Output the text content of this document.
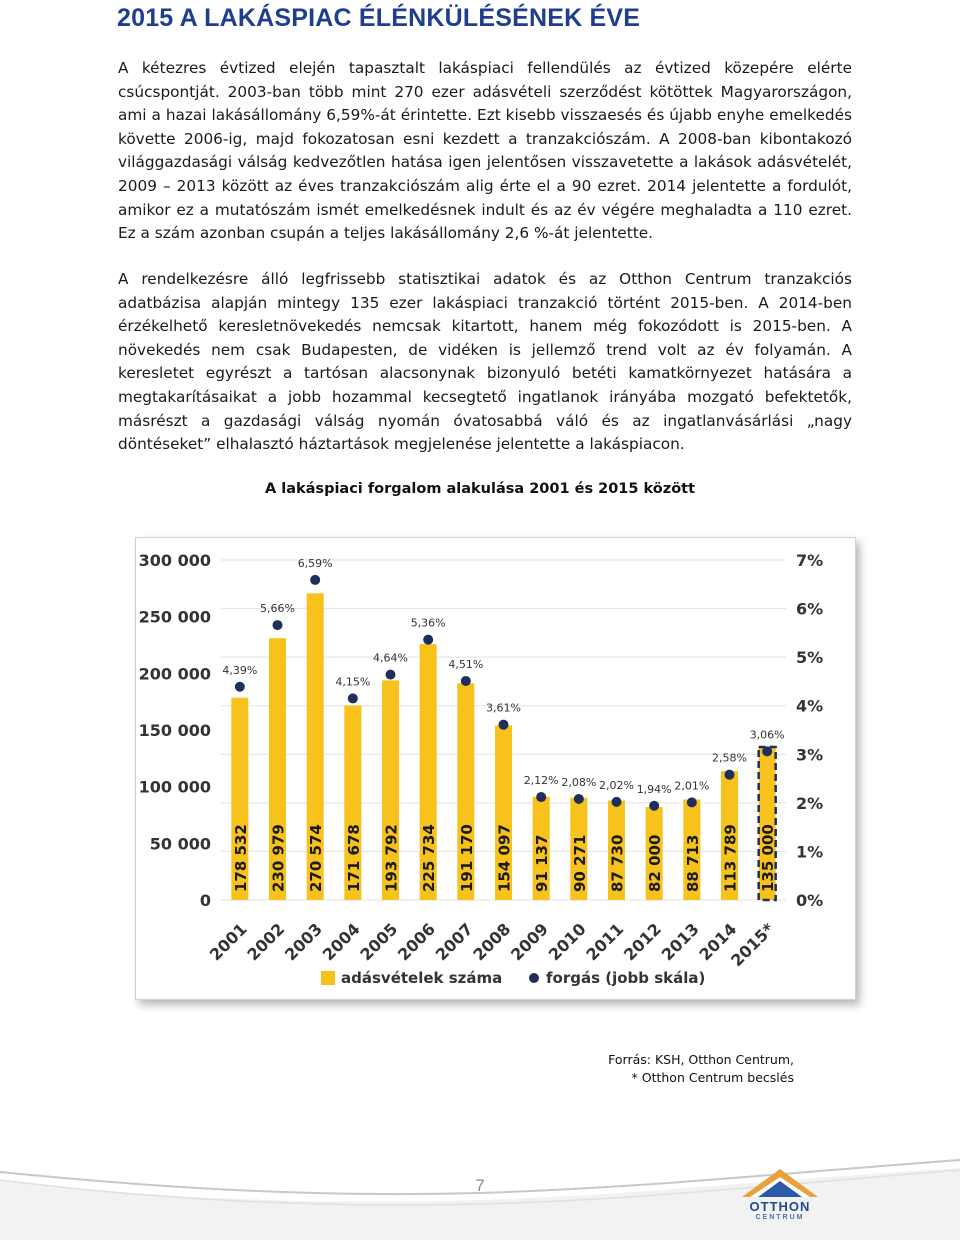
2015 A LAKÁSPIAC ÉLÉNKÜLÉSÉNEK ÉVE

A kétezres évtized elején tapasztalt lakáspiaci fellendülés az évtized közepére elérte csúcspontját. 2003-ban több mint 270 ezer adásvételi szerződést kötöttek Magyarországon, ami a hazai lakásállomány 6,59%-át érintette. Ezt kisebb visszaesés és újabb enyhe emelkedés követte 2006-ig, majd fokozatosan esni kezdett a tranzakciószám. A 2008-ban kibontakozó világgazdasági válság kedvezőtlen hatása igen jelentősen visszavetette a lakások adásvételét, 2009 – 2013 között az éves tranzakciószám alig érte el a 90 ezret. 2014 jelentette a fordulót, amikor ez a mutatószám ismét emelkedésnek indult és az év végére meghaladta a 110 ezret. Ez a szám azonban csupán a teljes lakásállomány 2,6 %-át jelentette.

A rendelkezésre álló legfrissebb statisztikai adatok és az Otthon Centrum tranzakciós adatbázisa alapján mintegy 135 ezer lakáspiaci tranzakció történt 2015-ben. A 2014-ben érzékelhető keresletnövekedés nemcsak kitartott, hanem még fokozódott is 2015-ben. A növekedés nem csak Budapesten, de vidéken is jellemző trend volt az év folyamán. A keresletet egyrészt a tartósan alacsonynak bizonyuló betéti kamatkörnyezet hatására a megtakarításaikat a jobb hozammal kecsegtető ingatlanok irányába mozgató befektetők, másrészt a gazdasági válság nyomán óvatosabbá váló és az ingatlanvásárlási „nagy döntéseket” elhalasztó háztartások megjelenése jelentette a lakáspiacon.

A lakáspiaci forgalom alakulása 2001 és 2015 között

178 532 230 979 270 574 171 678 193 792 225 734 191 170 154 097 91 137 90 271 87 730 82 000 88 713 113 789 135 000
4,39%
5,66%
6,59%
4,15%
4,64%
5,36%
4,51%
3,61%
2,12% 2,08% 2,02% 1,94% 2,01%
2,58%
3,06%
0%
1%
2%
3%
4%
5%
6%
7%
0
50 000
100 000
150 000
200 000
250 000
300 000
2001
2002
2003
2004
2005
2006
2007
2008
2009
2010
2011
2012
2013
2014
2015*
adásvételek száma	forgás (jobb skála)
Forrás: KSH, Otthon Centrum,
* Otthon Centrum becslés
7
OTTHON
CENTRUM
